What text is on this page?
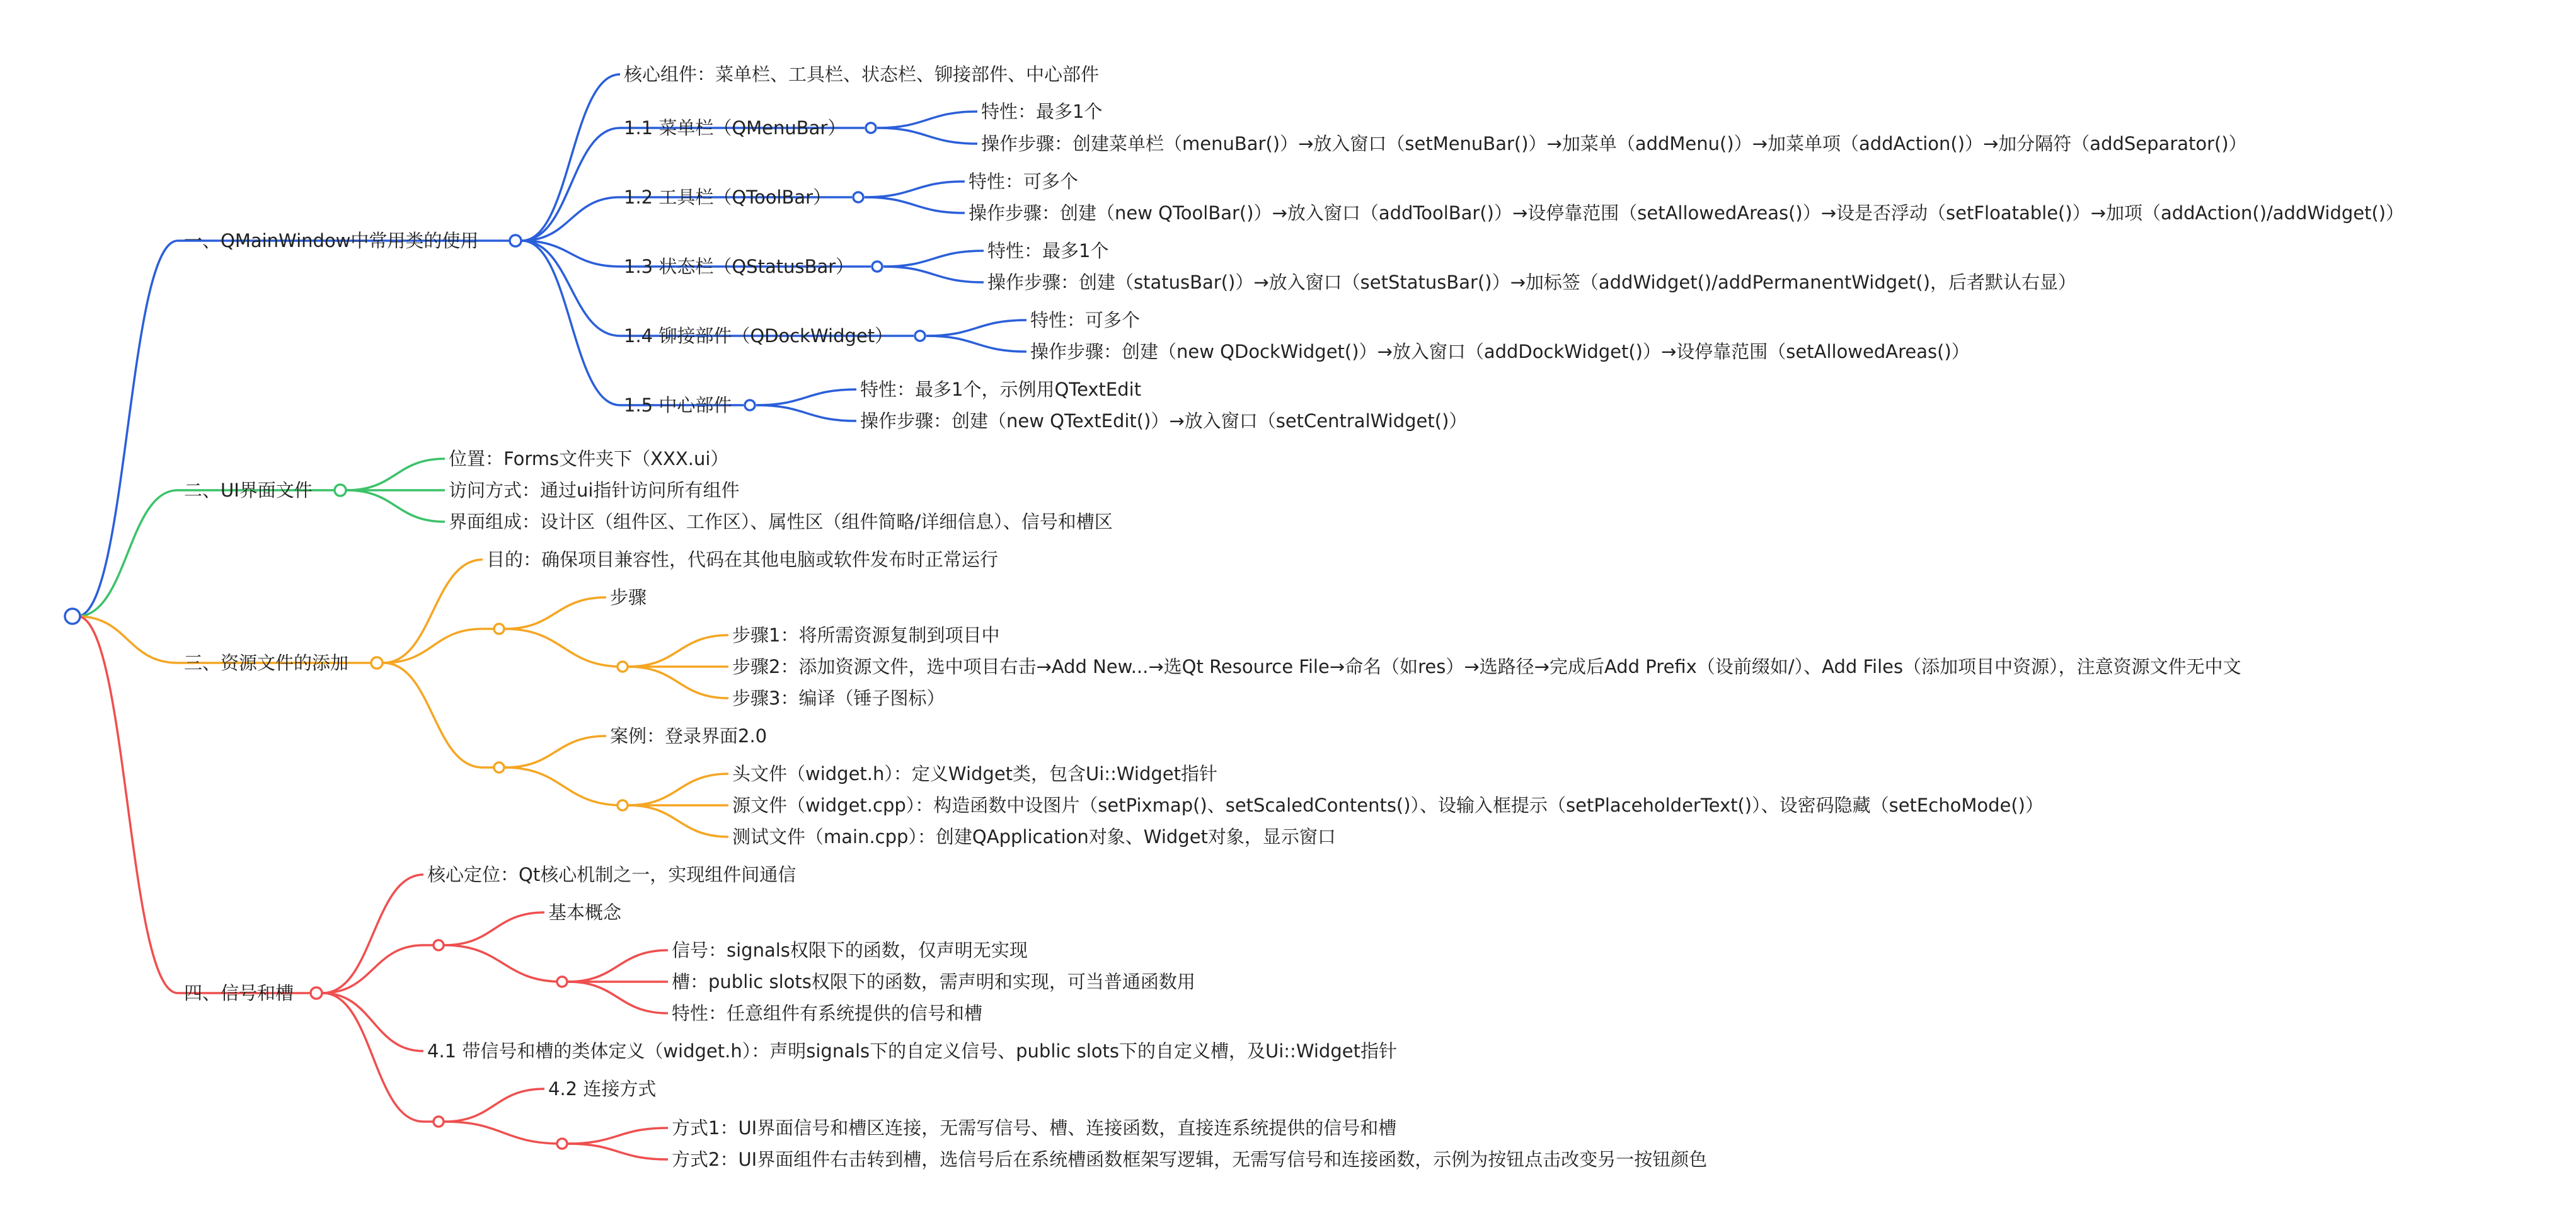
一、QMainWindow中常用类的使用
核心组件：菜单栏、工具栏、状态栏、铆接部件、中心部件
1.1 菜单栏（QMenuBar）
特性：最多1个
操作步骤：创建菜单栏（menuBar()）→放入窗口（setMenuBar()）→加菜单（addMenu()）→加菜单项（addAction()）→加分隔符（addSeparator()）
1.2 工具栏（QToolBar）
特性：可多个
操作步骤：创建（new QToolBar()）→放入窗口（addToolBar()）→设停靠范围（setAllowedAreas()）→设是否浮动（setFloatable()）→加项（addAction()/addWidget()）
1.3 状态栏（QStatusBar）
特性：最多1个
操作步骤：创建（statusBar()）→放入窗口（setStatusBar()）→加标签（addWidget()/addPermanentWidget()，后者默认右显）
1.4 铆接部件（QDockWidget）
特性：可多个
操作步骤：创建（new QDockWidget()）→放入窗口（addDockWidget()）→设停靠范围（setAllowedAreas()）
1.5 中心部件
特性：最多1个，示例用QTextEdit
操作步骤：创建（new QTextEdit()）→放入窗口（setCentralWidget()）
二、UI界面文件
位置：Forms文件夹下（XXX.ui）
访问方式：通过ui指针访问所有组件
界面组成：设计区（组件区、工作区）、属性区（组件简略/详细信息）、信号和槽区
三、资源文件的添加
目的：确保项目兼容性，代码在其他电脑或软件发布时正常运行
步骤
步骤1：将所需资源复制到项目中
步骤2：添加资源文件，选中项目右击→Add New...→选Qt Resource File→命名（如res）→选路径→完成后Add Prefix（设前缀如/）、Add Files（添加项目中资源），注意资源文件无中文
步骤3：编译（锤子图标）
案例：登录界面2.0
头文件（widget.h）：定义Widget类，包含Ui::Widget指针
源文件（widget.cpp）：构造函数中设图片（setPixmap()、setScaledContents()）、设输入框提示（setPlaceholderText()）、设密码隐藏（setEchoMode()）
测试文件（main.cpp）：创建QApplication对象、Widget对象，显示窗口
四、信号和槽
核心定位：Qt核心机制之一，实现组件间通信
基本概念
信号：signals权限下的函数，仅声明无实现
槽：public slots权限下的函数，需声明和实现，可当普通函数用
特性：任意组件有系统提供的信号和槽
4.1 带信号和槽的类体定义（widget.h）：声明signals下的自定义信号、public slots下的自定义槽，及Ui::Widget指针
4.2 连接方式
方式1：UI界面信号和槽区连接，无需写信号、槽、连接函数，直接连系统提供的信号和槽
方式2：UI界面组件右击转到槽，选信号后在系统槽函数框架写逻辑，无需写信号和连接函数，示例为按钮点击改变另一按钮颜色
